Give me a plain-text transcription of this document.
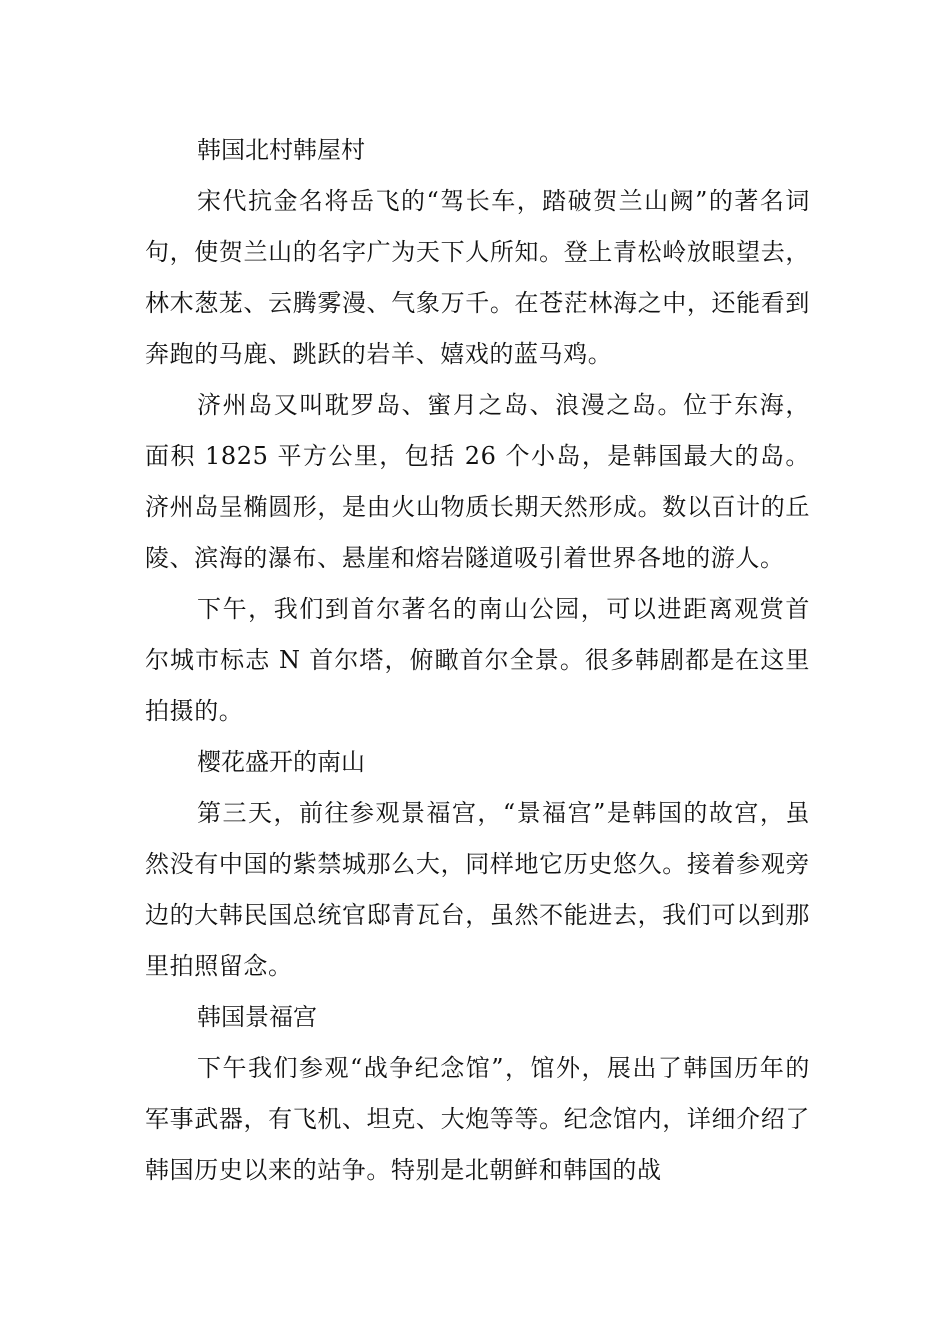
韩国北村韩屋村

宋代抗金名将岳飞的“驾长车，踏破贺兰山阙”的著名词句，使贺兰山的名字广为天下人所知。登上青松岭放眼望去，林木葱茏、云腾雾漫、气象万千。在苍茫林海之中，还能看到奔跑的马鹿、跳跃的岩羊、嬉戏的蓝马鸡。

济州岛又叫耽罗岛、蜜月之岛、浪漫之岛。位于东海，面积 1825 平方公里，包括 26 个小岛，是韩国最大的岛。济州岛呈椭圆形，是由火山物质长期天然形成。数以百计的丘陵、滨海的瀑布、悬崖和熔岩隧道吸引着世界各地的游人。

下午，我们到首尔著名的南山公园，可以进距离观赏首尔城市标志 N 首尔塔，俯瞰首尔全景。很多韩剧都是在这里拍摄的。

樱花盛开的南山

第三天，前往参观景福宫，“景福宫”是韩国的故宫，虽然没有中国的紫禁城那么大，同样地它历史悠久。接着参观旁边的大韩民国总统官邸青瓦台，虽然不能进去，我们可以到那里拍照留念。

韩国景福宫

下午我们参观“战争纪念馆”，馆外，展出了韩国历年的军事武器，有飞机、坦克、大炮等等。纪念馆内，详细介绍了韩国历史以来的站争。特别是北朝鲜和韩国的战
